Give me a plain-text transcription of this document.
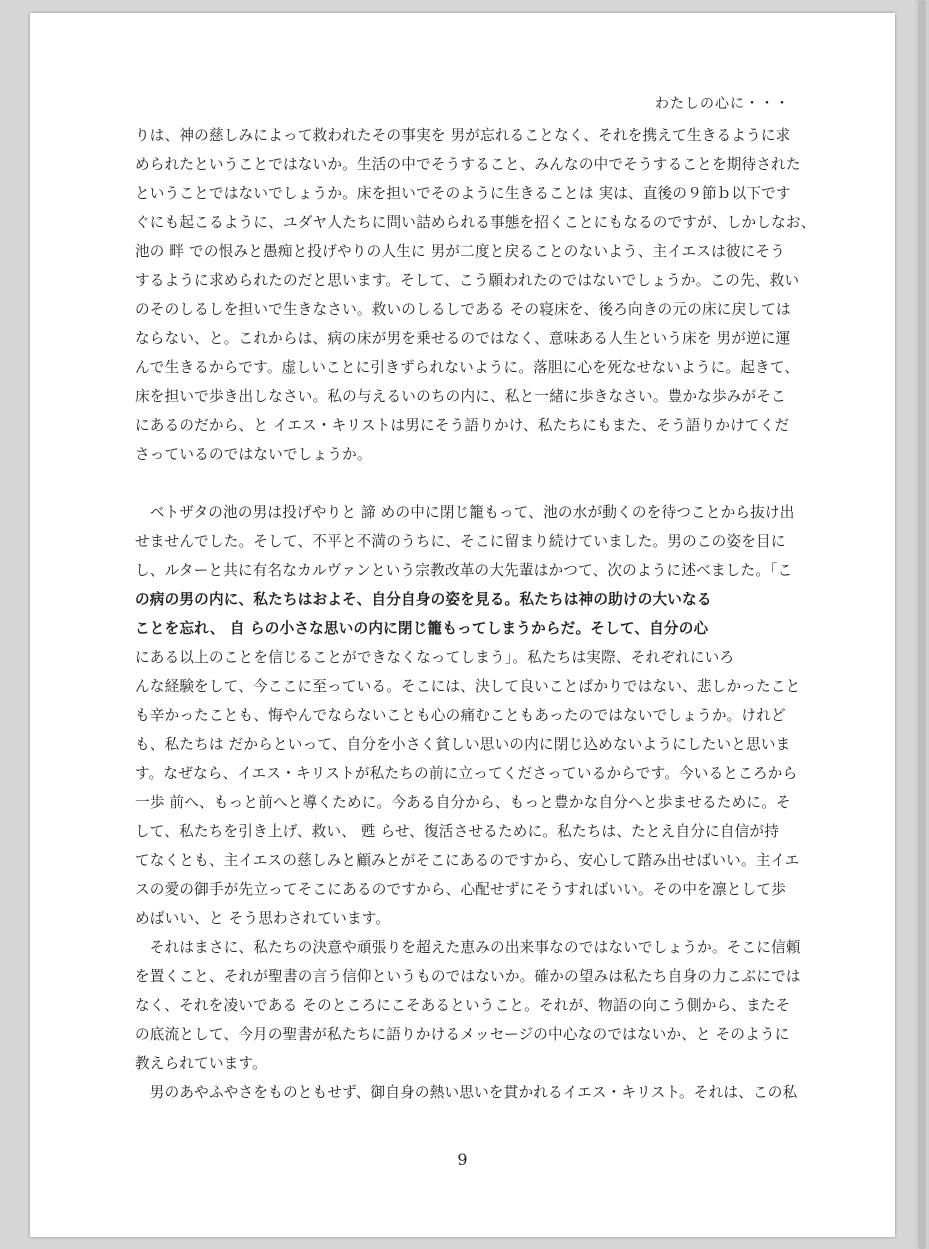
わたしの心に・・・
りは、神の慈しみによって救われたその事実を 男が忘れることなく、それを携えて生きるように求
められたということではないか。生活の中でそうすること、みんなの中でそうすることを期待された
ということではないでしょうか。床を担いでそのように生きることは 実は、直後の９節ｂ以下です
ぐにも起こるように、ユダヤ人たちに問い詰められる事態を招くことにもなるのですが、しかしなお、
池の 畔 での恨みと愚痴と投げやりの人生に 男が二度と戻ることのないよう、主イエスは彼にそう
するように求められたのだと思います。そして、こう願われたのではないでしょうか。この先、救い
のそのしるしを担いで生きなさい。救いのしるしである その寝床を、後ろ向きの元の床に戻しては
ならない、と。これからは、病の床が男を乗せるのではなく、意味ある人生という床を 男が逆に運
んで生きるからです。虚しいことに引きずられないように。落胆に心を死なせないように。起きて、
床を担いで歩き出しなさい。私の与えるいのちの内に、私と一緒に歩きなさい。豊かな歩みがそこ
にあるのだから、と イエス・キリストは男にそう語りかけ、私たちにもまた、そう語りかけてくだ
さっているのではないでしょうか。
　ベトザタの池の男は投げやりと 諦 めの中に閉じ籠もって、池の水が動くのを待つことから抜け出
せませんでした。そして、不平と不満のうちに、そこに留まり続けていました。男のこの姿を目に
し、ルターと共に有名なカルヴァンという宗教改革の大先輩はかつて、次のように述べました。「こ
の病の男の内に、私たちはおよそ、自分自身の姿を見る。私たちは神の助けの大いなる
ことを忘れ、 自 らの小さな思いの内に閉じ籠もってしまうからだ。そして、自分の心
にある以上のことを信じることができなくなってしまう」。私たちは実際、それぞれにいろ
んな経験をして、今ここに至っている。そこには、決して良いことばかりではない、悲しかったこと
も辛かったことも、悔やんでならないことも心の痛むこともあったのではないでしょうか。けれど
も、私たちは だからといって、自分を小さく貧しい思いの内に閉じ込めないようにしたいと思いま
す。なぜなら、イエス・キリストが私たちの前に立ってくださっているからです。今いるところから
一歩 前へ、もっと前へと導くために。今ある自分から、もっと豊かな自分へと歩ませるために。そ
して、私たちを引き上げ、救い、 甦 らせ、復活させるために。私たちは、たとえ自分に自信が持
てなくとも、主イエスの慈しみと顧みとがそこにあるのですから、安心して踏み出せばいい。主イエ
スの愛の御手が先立ってそこにあるのですから、心配せずにそうすればいい。その中を凛として歩
めばいい、と そう思わされています。
　それはまさに、私たちの決意や頑張りを超えた恵みの出来事なのではないでしょうか。そこに信頼
を置くこと、それが聖書の言う信仰というものではないか。確かの望みは私たち自身の力こぶにでは
なく、それを凌いである そのところにこそあるということ。それが、物語の向こう側から、またそ
の底流として、今月の聖書が私たちに語りかけるメッセージの中心なのではないか、と そのように
教えられています。
　男のあやふやさをものともせず、御自身の熱い思いを貫かれるイエス・キリスト。それは、この私
9
